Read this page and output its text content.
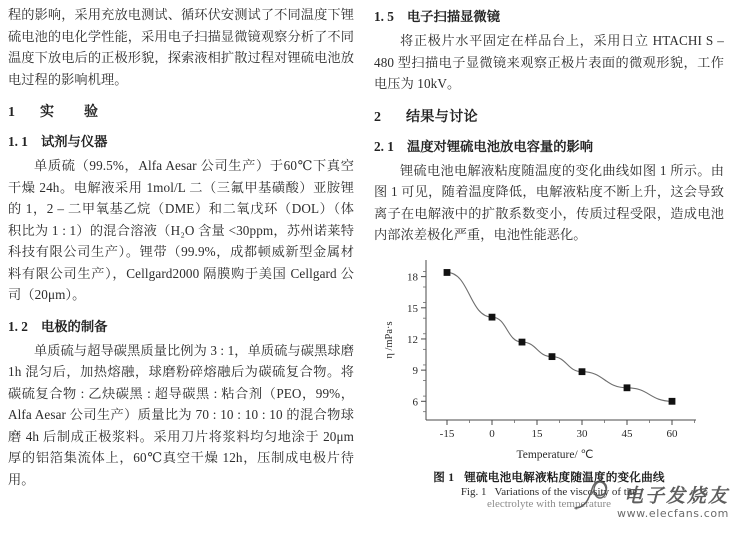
程的影响，采用充放电测试、循环伏安测试了不同温度下锂硫电池的电化学性能，采用电子扫描显微镜观察分析了不同温度下放电后的正极形貌，探索液相扩散过程对锂硫电池放电过程的影响机理。

1 实　验
1. 1 试剂与仪器

单质硫（99.5%，Alfa Aesar 公司生产）于60℃下真空干燥 24h。电解液采用 1mol/L 二（三氟甲基磺酸）亚胺锂的 1，2 – 二甲氧基乙烷（DME）和二氧戊环（DOL）（体积比为 1 : 1）的混合溶液（H₂O 含量 <30ppm，苏州诺莱特科技有限公司生产）。锂带（99.9%，成都顿威新型金属材料有限公司生产），Cellgard2000 隔膜购于美国 Cellgard 公司（20μm）。

1. 2 电极的制备

单质硫与超导碳黑质量比例为 3 : 1，单质硫与碳黑球磨 1h 混匀后，加热熔融，球磨粉碎熔融后为碳硫复合物。将碳硫复合物 : 乙炔碳黑 : 超导碳黑 : 粘合剂（PEO，99%，Alfa Aesar 公司生产）质量比为 70 : 10 : 10 : 10 的混合物球磨 4h 后制成正极浆料。采用刀片将浆料均匀地涂于 20μm 厚的铝箔集流体上，60℃真空干燥 12h，压制成电极片待用。

1. 5 电子扫描显微镜

将正极片水平固定在样品台上，采用日立 HTACHI S – 480 型扫描电子显微镜来观察正极片表面的微观形貌，工作电压为 10kV。

2 结果与讨论
2. 1 温度对锂硫电池放电容量的影响

锂硫电池电解液粘度随温度的变化曲线如图 1 所示。由图 1 可见，随着温度降低，电解液粘度不断上升，这会导致离子在电解液中的扩散系数变小，传质过程受限，造成电池内部浓差极化严重，电池性能恶化。

6
9
12
15
18
-15	0	15	30	45	60
Temperature/ ℃
η /mPa·s
图 1 锂硫电池电解液粘度随温度的变化曲线
Fig. 1 Variations of the viscosity of the
electrolyte with temperature 电子发烧友
www.elecfans.com
